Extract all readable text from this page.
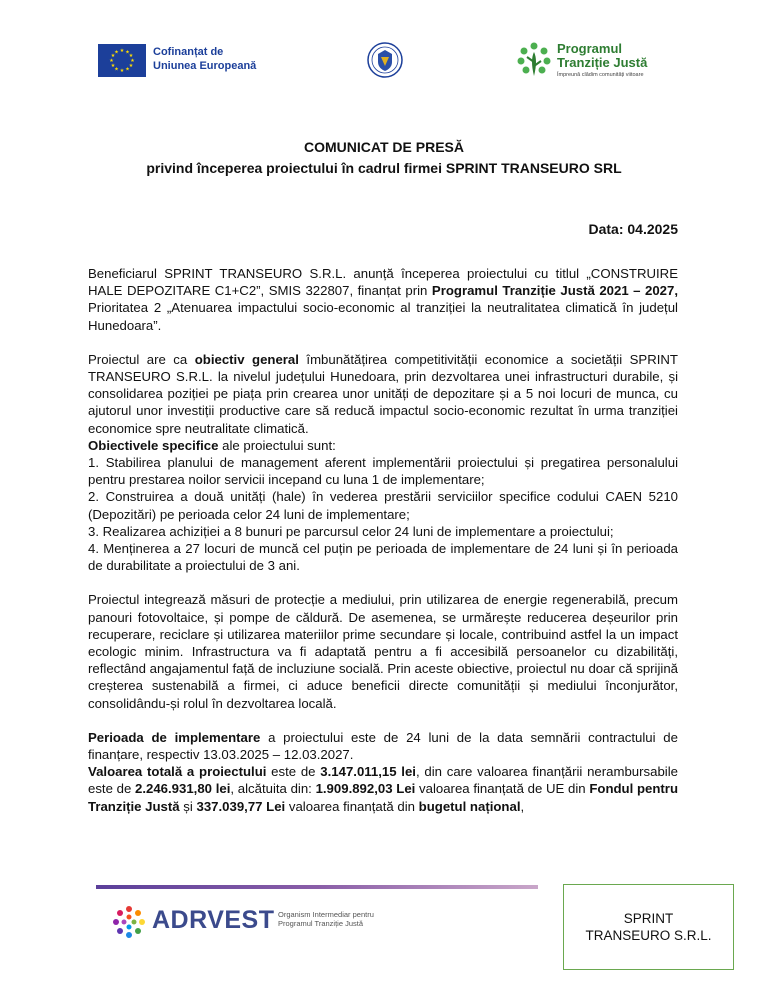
★ ★
★
★
★
★
★
★
★
★
★
★	Cofinanțat de
Uniunea Europeană
Programul
Tranziție Justă
Împreună clădim comunități viitoare
COMUNICAT DE PRESĂ
privind începerea proiectului în cadrul firmei SPRINT TRANSEURO SRL
Data: 04.2025

Beneficiarul SPRINT TRANSEURO S.R.L. anunță începerea proiectului cu titlul „CONSTRUIRE HALE DEPOZITARE C1+C2”, SMIS 322807, finanțat prin Programul Tranziție Justă 2021 – 2027, Prioritatea 2 „Atenuarea impactului socio-economic al tranziției la neutralitatea climatică în județul Hunedoara”.

Proiectul are ca obiectiv general îmbunătățirea competitivității economice a societății SPRINT TRANSEURO S.R.L. la nivelul județului Hunedoara, prin dezvoltarea unei infrastructuri durabile, și consolidarea poziției pe piața prin crearea unor unități de depozitare și a 5 noi locuri de munca, cu ajutorul unor investiții productive care să reducă impactul socio-economic rezultat în urma tranziției economice spre neutralitate climatică.

Obiectivele specifice ale proiectului sunt:

1. Stabilirea planului de management aferent implementării proiectului și pregatirea personalului pentru prestarea noilor servicii incepand cu luna 1 de implementare;

2. Construirea a două unități (hale) în vederea prestării serviciilor specifice codului CAEN 5210 (Depozitări) pe perioada celor 24 luni de implementare;

3. Realizarea achiziției a 8 bunuri pe parcursul celor 24 luni de implementare a proiectului;

4. Menținerea a 27 locuri de muncă cel puțin pe perioada de implementare de 24 luni și în perioada de durabilitate a proiectului de 3 ani.

Proiectul integrează măsuri de protecție a mediului, prin utilizarea de energie regenerabilă, precum panouri fotovoltaice, și pompe de căldură. De asemenea, se urmărește reducerea deșeurilor prin recuperare, reciclare și utilizarea materiilor prime secundare și locale, contribuind astfel la un impact ecologic minim. Infrastructura va fi adaptată pentru a fi accesibilă persoanelor cu dizabilități, reflectând angajamentul față de incluziune socială. Prin aceste obiective, proiectul nu doar că sprijină creșterea sustenabilă a firmei, ci aduce beneficii directe comunității și mediului înconjurător, consolidându-și rolul în dezvoltarea locală.

Perioada de implementare a proiectului este de 24 luni de la data semnării contractului de finanțare, respectiv 13.03.2025 – 12.03.2027.

Valoarea totală a proiectului este de 3.147.011,15 lei, din care valoarea finanțării nerambursabile este de 2.246.931,80 lei, alcătuita din: 1.909.892,03 Lei valoarea finanțată de UE din Fondul pentru Tranziție Justă și 337.039,77 Lei valoarea finanțată din bugetul național,

ADRVEST Organism Intermediar pentru
Programul Tranziție Justă	SPRINT
TRANSEURO S.R.L.
